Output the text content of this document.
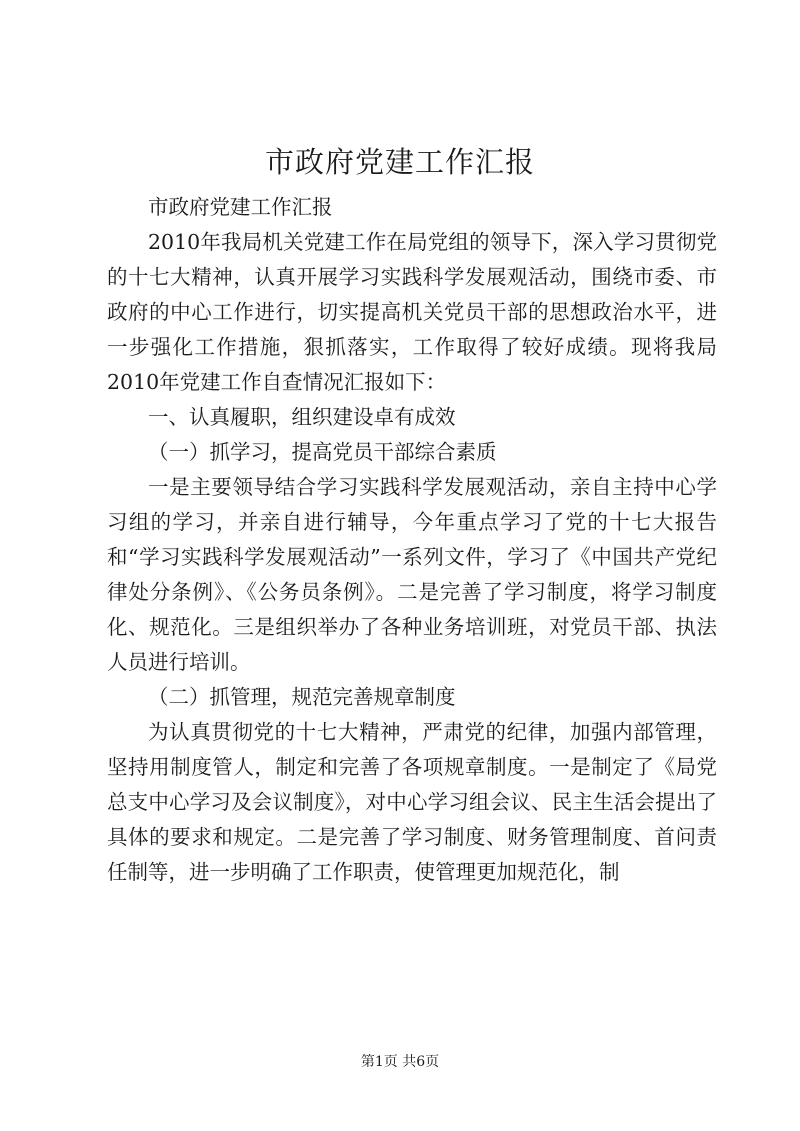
市政府党建工作汇报

市政府党建工作汇报

2010年我局机关党建工作在局党组的领导下，深入学习贯彻党的十七大精神，认真开展学习实践科学发展观活动，围绕市委、市政府的中心工作进行，切实提高机关党员干部的思想政治水平，进一步强化工作措施，狠抓落实，工作取得了较好成绩。现将我局2010年党建工作自查情况汇报如下：

一、认真履职，组织建设卓有成效

（一）抓学习，提高党员干部综合素质

一是主要领导结合学习实践科学发展观活动，亲自主持中心学习组的学习，并亲自进行辅导，今年重点学习了党的十七大报告和“学习实践科学发展观活动”一系列文件，学习了《中国共产党纪律处分条例》、《公务员条例》。二是完善了学习制度，将学习制度化、规范化。三是组织举办了各种业务培训班，对党员干部、执法人员进行培训。

（二）抓管理，规范完善规章制度

为认真贯彻党的十七大精神，严肃党的纪律，加强内部管理，坚持用制度管人，制定和完善了各项规章制度。一是制定了《局党总支中心学习及会议制度》，对中心学习组会议、民主生活会提出了具体的要求和规定。二是完善了学习制度、财务管理制度、首问责任制等，进一步明确了工作职责，使管理更加规范化，制

第1页 共6页
